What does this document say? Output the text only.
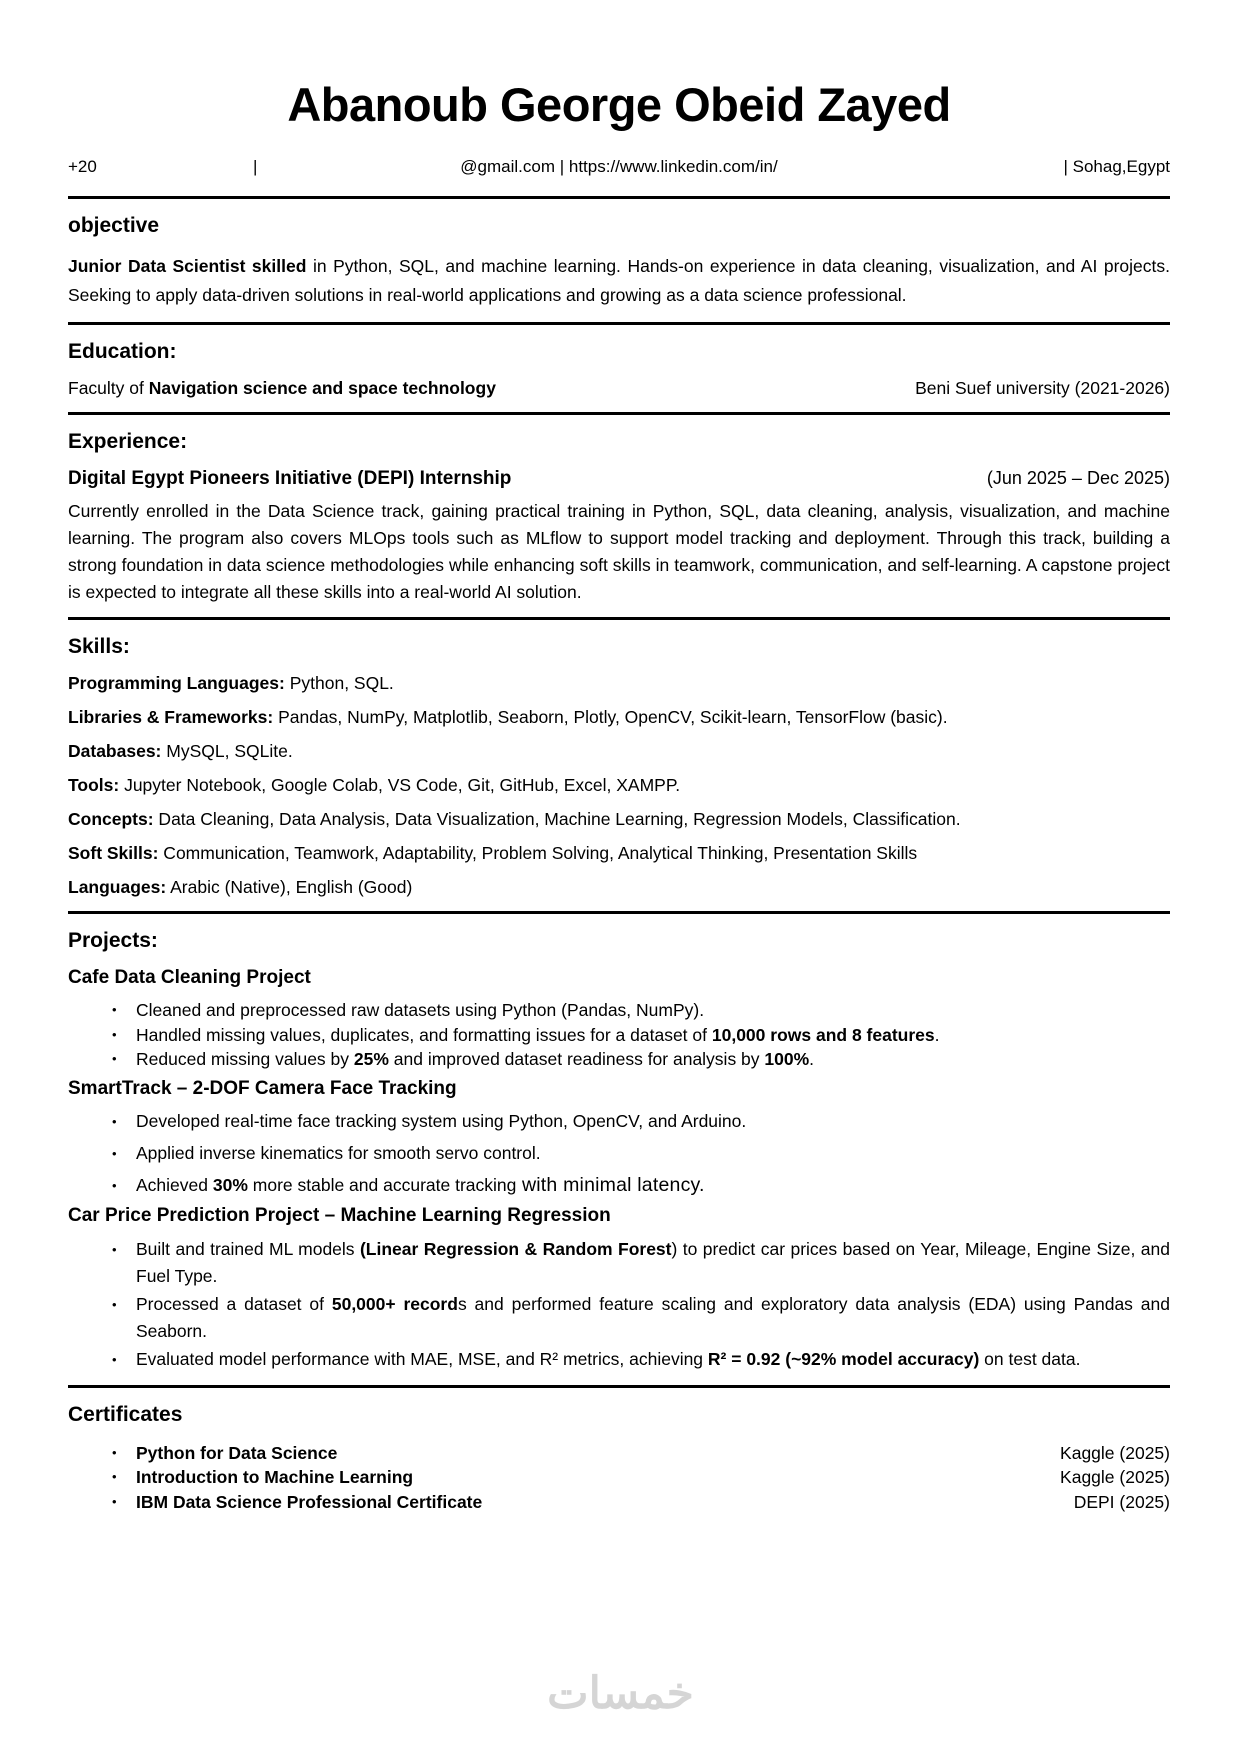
Abanoub George Obeid Zayed
+20	|	@gmail.com | https://www.linkedin.com/in/	| Sohag,Egypt
objective

Junior Data Scientist skilled in Python, SQL, and machine learning. Hands-on experience in data cleaning, visualization, and AI projects. Seeking to apply data-driven solutions in real-world applications and growing as a data science professional.

Education:
Faculty of Navigation science and space technology	Beni Suef university (2021-2026)
Experience:
Digital Egypt Pioneers Initiative (DEPI) Internship	(Jun 2025 – Dec 2025)

Currently enrolled in the Data Science track, gaining practical training in Python, SQL, data cleaning, analysis, visualization, and machine learning. The program also covers MLOps tools such as MLflow to support model tracking and deployment. Through this track, building a strong foundation in data science methodologies while enhancing soft skills in teamwork, communication, and self-learning. A capstone project is expected to integrate all these skills into a real-world AI solution.

Skills:
Programming Languages: Python, SQL.
Libraries & Frameworks: Pandas, NumPy, Matplotlib, Seaborn, Plotly, OpenCV, Scikit-learn, TensorFlow (basic).
Databases: MySQL, SQLite.
Tools: Jupyter Notebook, Google Colab, VS Code, Git, GitHub, Excel, XAMPP.
Concepts: Data Cleaning, Data Analysis, Data Visualization, Machine Learning, Regression Models, Classification.
Soft Skills: Communication, Teamwork, Adaptability, Problem Solving, Analytical Thinking, Presentation Skills
Languages: Arabic (Native), English (Good)
Projects:
Cafe Data Cleaning Project
• Cleaned and preprocessed raw datasets using Python (Pandas, NumPy).
• Handled missing values, duplicates, and formatting issues for a dataset of 10,000 rows and 8 features.
• Reduced missing values by 25% and improved dataset readiness for analysis by 100%.
SmartTrack – 2-DOF Camera Face Tracking
• Developed real-time face tracking system using Python, OpenCV, and Arduino.
• Applied inverse kinematics for smooth servo control.
• Achieved 30% more stable and accurate tracking with minimal latency.
Car Price Prediction Project – Machine Learning Regression
• Built and trained ML models (Linear Regression & Random Forest) to predict car prices based on Year, Mileage, Engine Size, and Fuel Type.
• Processed a dataset of 50,000+ records and performed feature scaling and exploratory data analysis (EDA) using Pandas and Seaborn.
• Evaluated model performance with MAE, MSE, and R² metrics, achieving R² = 0.92 (~92% model accuracy) on test data.
Certificates
• Python for Data Science	Kaggle (2025)
• Introduction to Machine Learning	Kaggle (2025)
• IBM Data Science Professional Certificate	DEPI (2025)
خمسات
